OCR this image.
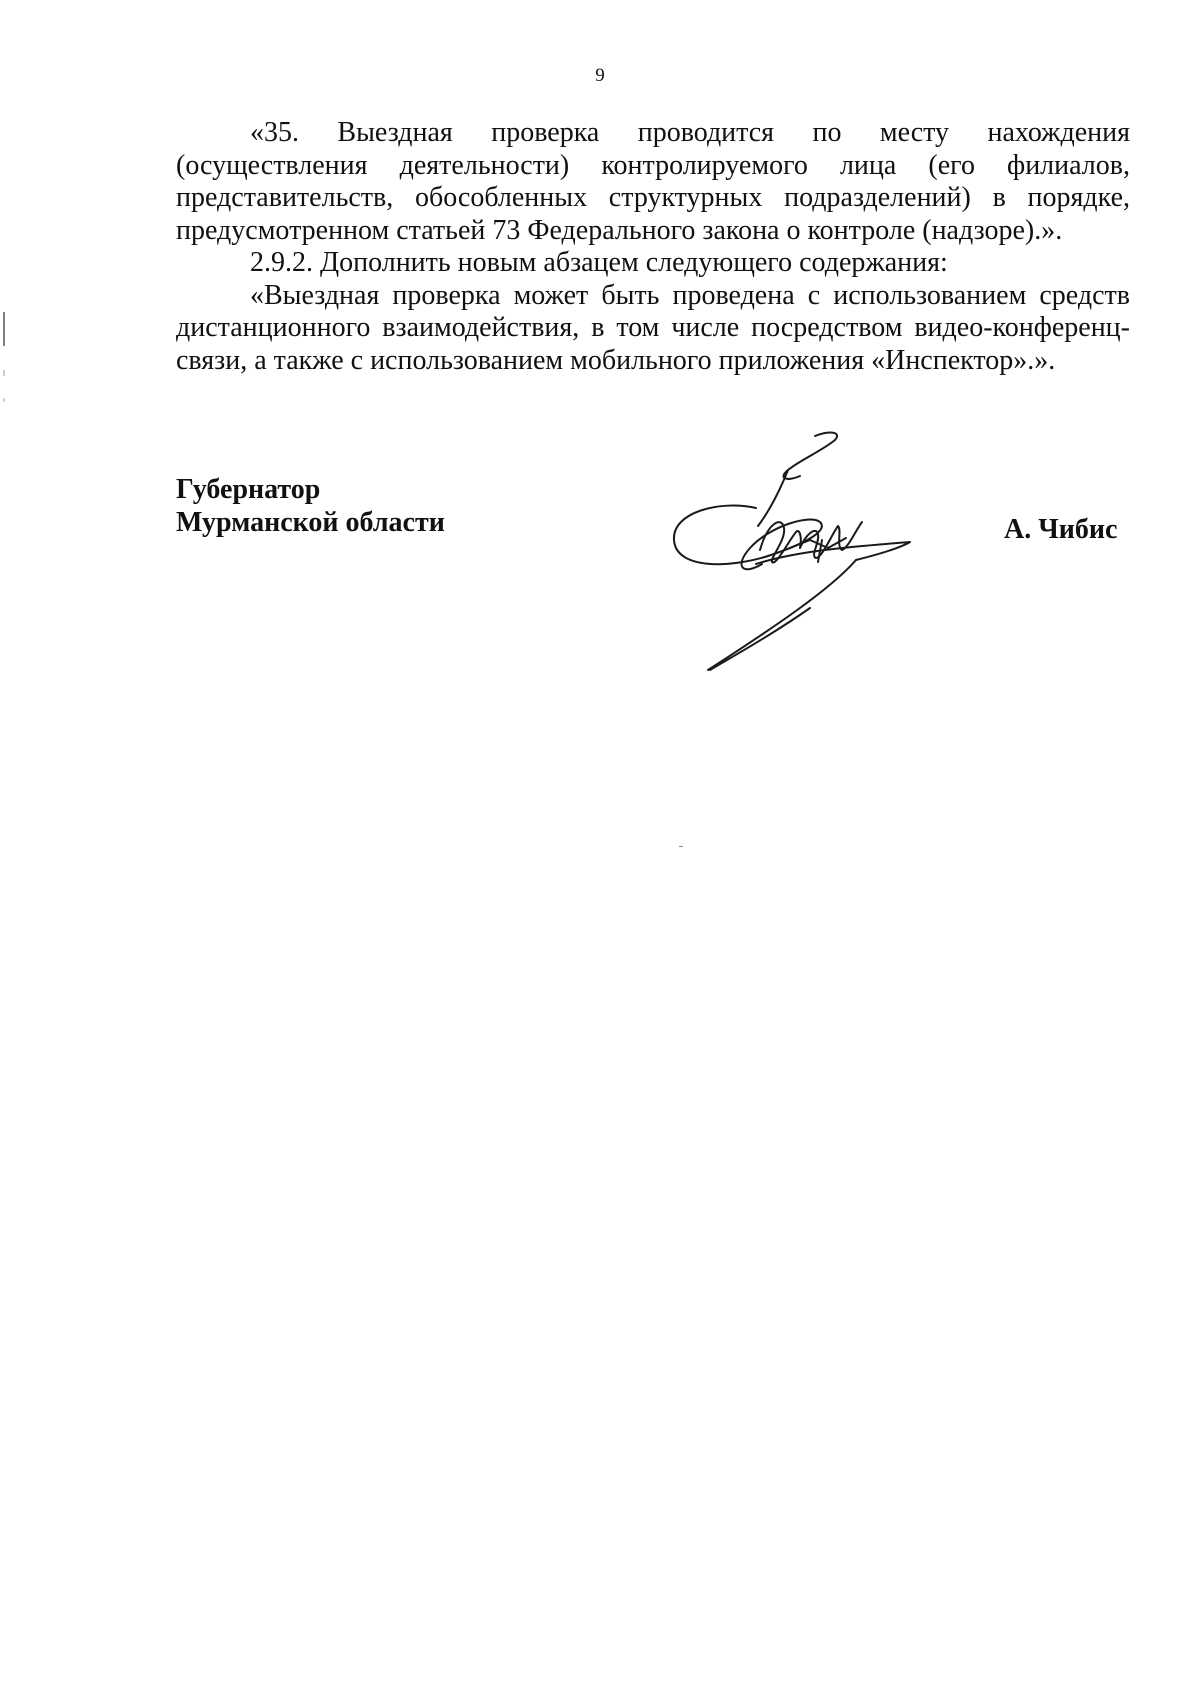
9

«35. Выездная проверка проводится по месту нахождения (осуществления деятельности) контролируемого лица (его филиалов, представительств, обособленных структурных подразделений) в порядке, предусмотренном статьей 73 Федерального закона о контроле (надзоре).».

2.9.2. Дополнить новым абзацем следующего содержания:

«Выездная проверка может быть проведена с использованием средств дистанционного взаимодействия, в том числе посредством видео-конференц-связи, а также с использованием мобильного приложения «Инспектор».».

Губернатор
Мурманской области	А. Чибис
